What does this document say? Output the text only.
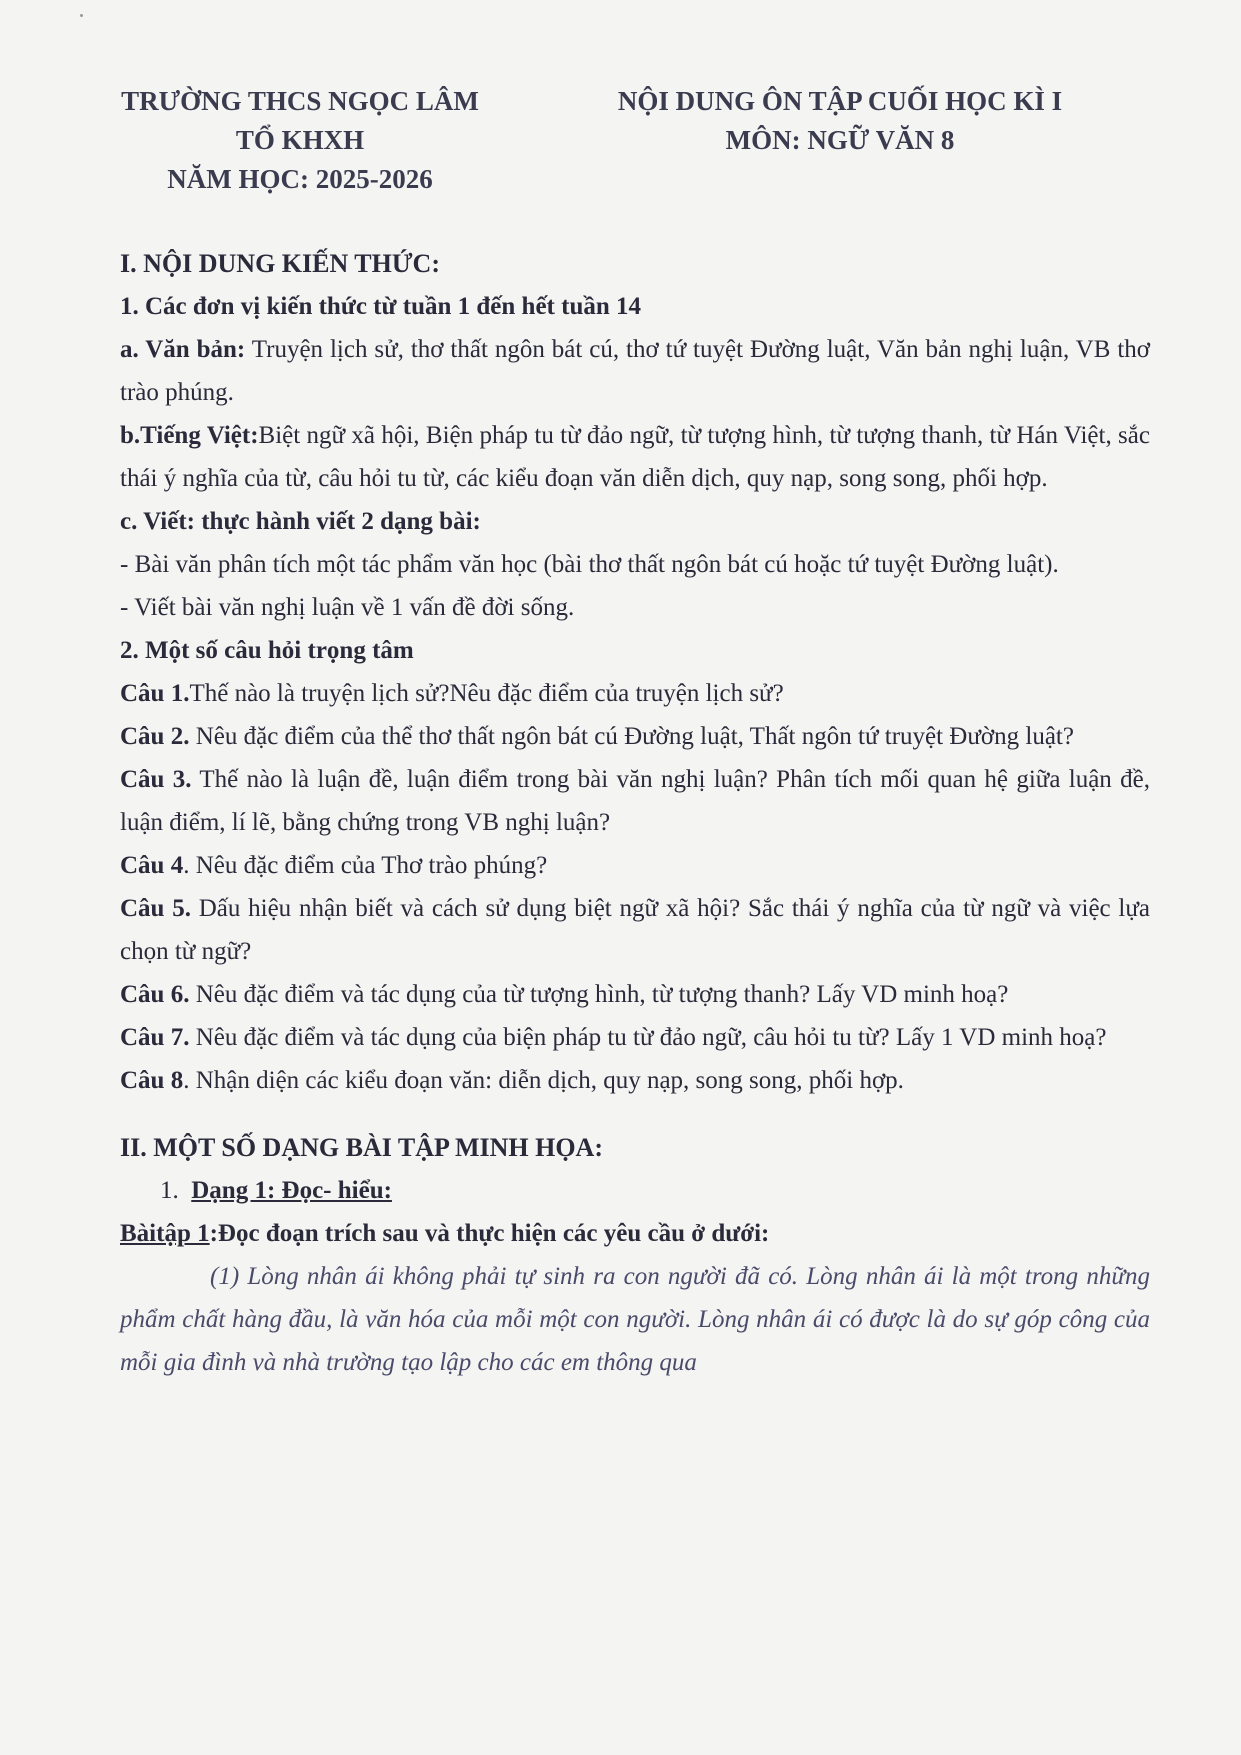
TRƯỜNG THCS NGỌC LÂM
TỔ KHXH
NĂM HỌC: 2025-2026
NỘI DUNG ÔN TẬP CUỐI HỌC KÌ I
MÔN: NGỮ VĂN 8

I. NỘI DUNG KIẾN THỨC:

1. Các đơn vị kiến thức từ tuần 1 đến hết tuần 14

a. Văn bản: Truyện lịch sử, thơ thất ngôn bát cú, thơ tứ tuyệt Đường luật, Văn bản nghị luận, VB thơ trào phúng.

b.Tiếng Việt:Biệt ngữ xã hội, Biện pháp tu từ đảo ngữ, từ tượng hình, từ tượng thanh, từ Hán Việt, sắc thái ý nghĩa của từ, câu hỏi tu từ, các kiểu đoạn văn diễn dịch, quy nạp, song song, phối hợp.

c. Viết: thực hành viết 2 dạng bài:

- Bài văn phân tích một tác phẩm văn học (bài thơ thất ngôn bát cú hoặc tứ tuyệt Đường luật).

- Viết bài văn nghị luận về 1 vấn đề đời sống.

2. Một số câu hỏi trọng tâm

Câu 1.Thế nào là truyện lịch sử?Nêu đặc điểm của truyện lịch sử?

Câu 2. Nêu đặc điểm của thể thơ thất ngôn bát cú Đường luật, Thất ngôn tứ truyệt Đường luật?

Câu 3. Thế nào là luận đề, luận điểm trong bài văn nghị luận? Phân tích mối quan hệ giữa luận đề, luận điểm, lí lẽ, bằng chứng trong VB nghị luận?

Câu 4. Nêu đặc điểm của Thơ trào phúng?

Câu 5. Dấu hiệu nhận biết và cách sử dụng biệt ngữ xã hội? Sắc thái ý nghĩa của từ ngữ và việc lựa chọn từ ngữ?

Câu 6. Nêu đặc điểm và tác dụng của từ tượng hình, từ tượng thanh? Lấy VD minh hoạ?

Câu 7. Nêu đặc điểm và tác dụng của biện pháp tu từ đảo ngữ, câu hỏi tu từ? Lấy 1 VD minh hoạ?

Câu 8. Nhận diện các kiểu đoạn văn: diễn dịch, quy nạp, song song, phối hợp.

II. MỘT SỐ DẠNG BÀI TẬP MINH HỌA:

1. Dạng 1: Đọc- hiểu:

Bàitập 1:Đọc đoạn trích sau và thực hiện các yêu cầu ở dưới:

(1) Lòng nhân ái không phải tự sinh ra con người đã có. Lòng nhân ái là một trong những phẩm chất hàng đầu, là văn hóa của mỗi một con người. Lòng nhân ái có được là do sự góp công của mỗi gia đình và nhà trường tạo lập cho các em thông qua
